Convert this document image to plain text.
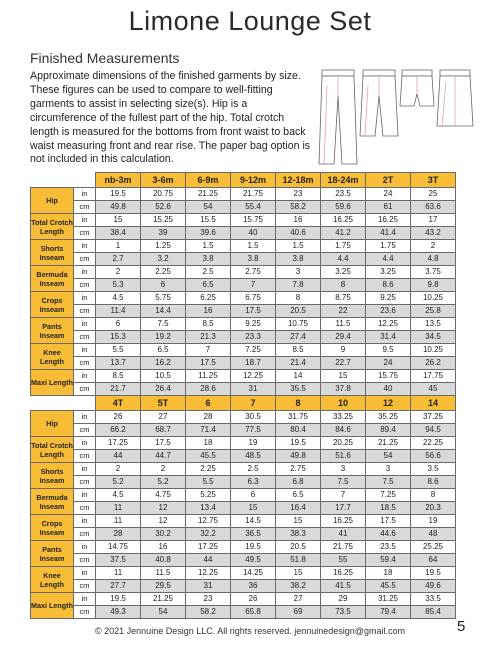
Limone Lounge Set
Finished Measurements
Approximate dimensions of the finished garments by size. These figures can be used to compare to well-fitting garments to assist in selecting size(s). Hip is a circumference of the fullest part of the hip. Total crotch length is measured for the bottoms from front waist to back waist measuring front and rear rise. The paper bag option is not included in this calculation.
		nb-3m	3-6m	6-9m	9-12m	12-18m	18-24m	2T	3T
Hip	in	19.5	20.75	21.25	21.75	23	23.5	24	25
	cm	49.8	52.6	54	55.4	58.2	59.6	61	63.6
Total Crotch Length	in	15	15.25	15.5	15.75	16	16.25	16.25	17
	cm	38.4	39	39.6	40	40.6	41.2	41.4	43.2
Shorts Inseam	in	1	1.25	1.5	1.5	1.5	1.75	1.75	2
	cm	2.7	3.2	3.8	3.8	3.8	4.4	4.4	4.8
Bermuda Inseam	in	2	2.25	2.5	2.75	3	3.25	3.25	3.75
	cm	5.3	6	6.5	7	7.8	8	8.6	9.8
Crops Inseam	in	4.5	5.75	6.25	6.75	8	8.75	9.25	10.25
	cm	11.4	14.4	16	17.5	20.5	22	23.6	25.8
Pants Inseam	in	6	7.5	8.5	9.25	10.75	11.5	12.25	13.5
	cm	15.3	19.2	21.3	23.3	27.4	29.4	31.4	34.5
Knee Length	in	5.5	6.5	7	7.25	8.5	9	9.5	10.25
	cm	13.7	16.2	17.5	18.7	21.4	22.7	24	26.2
Maxi Length	in	8.5	10.5	11.25	12.25	14	15	15.75	17.75
	cm	21.7	26.4	28.6	31	35.5	37.8	40	45
		4T	5T	6	7	8	10	12	14
Hip	in	26	27	28	30.5	31.75	33.25	35.25	37.25
	cm	66.2	68.7	71.4	77.5	80.4	84.6	89.4	94.5
Total Crotch Length	in	17.25	17.5	18	19	19.5	20.25	21.25	22.25
	cm	44	44.7	45.5	48.5	49.8	51.6	54	56.6
Shorts Inseam	in	2	2	2.25	2.5	2.75	3	3	3.5
	cm	5.2	5.2	5.5	6.3	6.8	7.5	7.5	8.6
Bermuda Inseam	in	4.5	4.75	5.25	6	6.5	7	7.25	8
	cm	11	12	13.4	15	16.4	17.7	18.5	20.3
Crops Inseam	in	11	12	12.75	14.5	15	16.25	17.5	19
	cm	28	30.2	32.2	36.5	38.3	41	44.6	48
Pants Inseam	in	14.75	16	17.25	19.5	20.5	21.75	23.5	25.25
	cm	37.5	40.8	44	49.5	51.8	55	59.4	64
Knee Length	in	11	11.5	12.25	14.25	15	16.25	18	19.5
	cm	27.7	29.5	31	36	38.2	41.5	45.5	49.6
Maxi Length	in	19.5	21.25	23	26	27	29	31.25	33.5
	cm	49.3	54	58.2	65.8	69	73.5	79.4	85.4
© 2021 Jennuine Design LLC. All rights reserved. jennuinedesign@gmail.com	5
